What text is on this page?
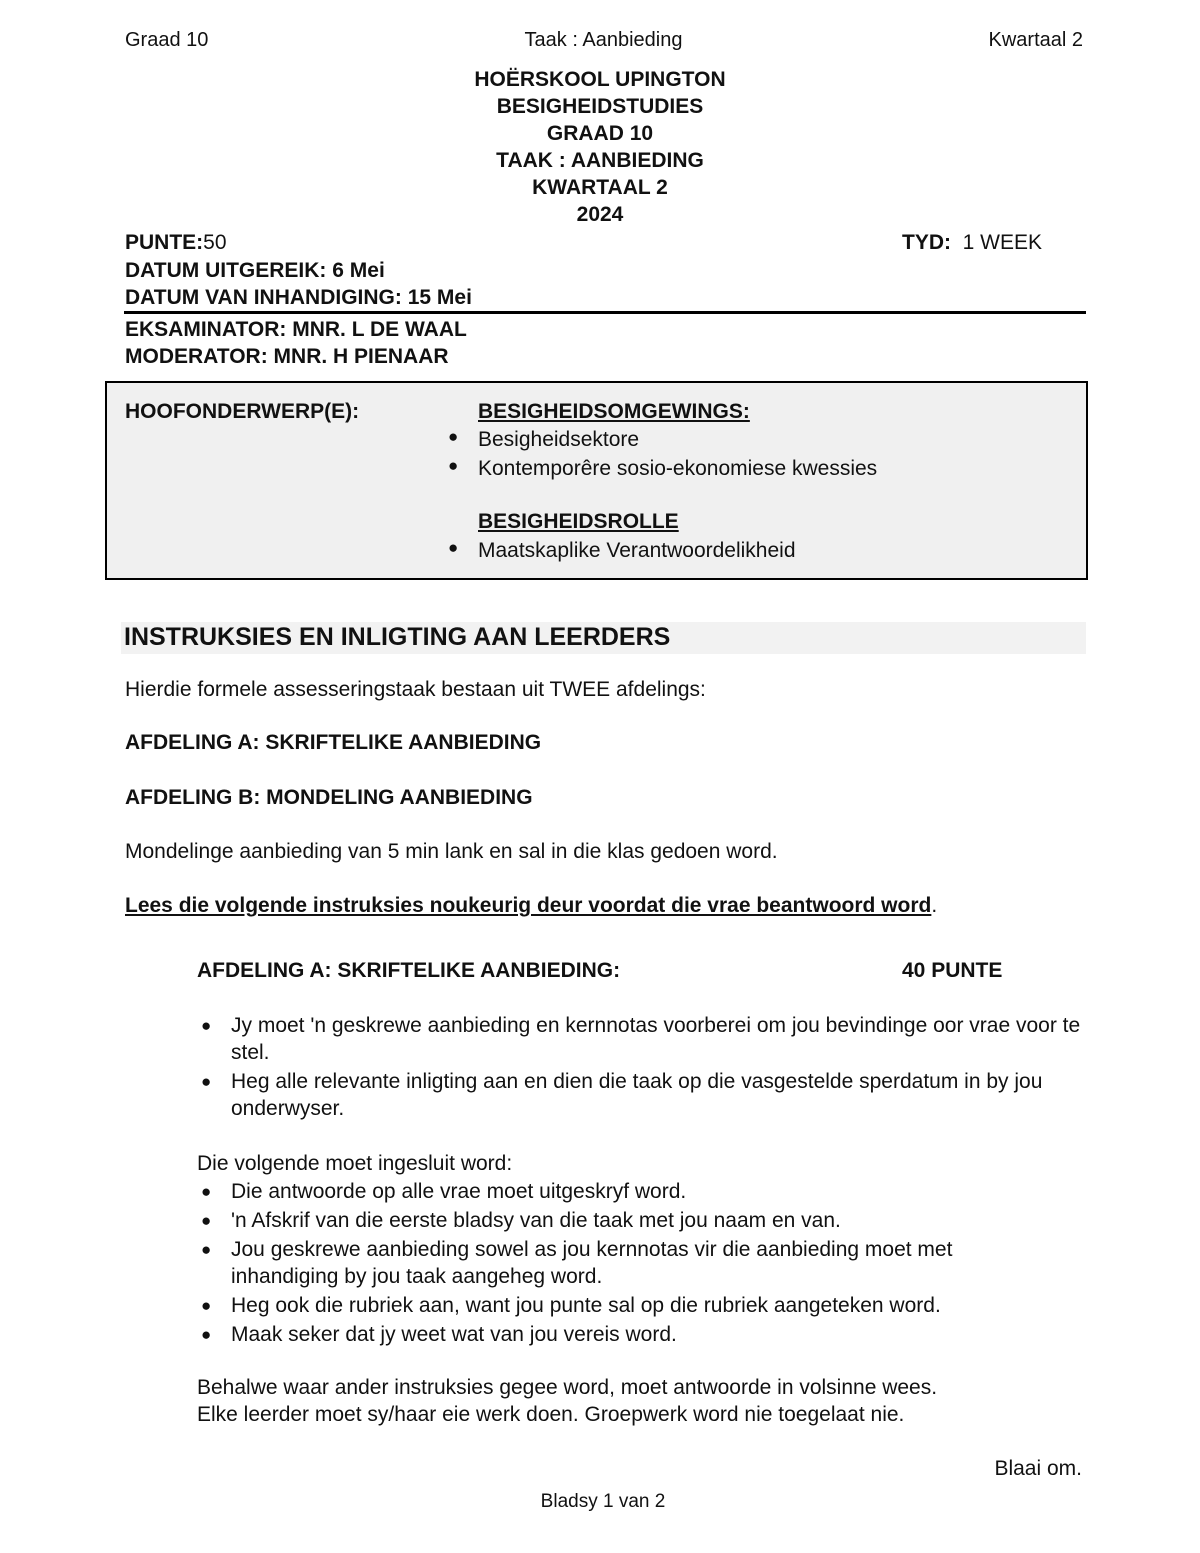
Graad 10	Taak : Aanbieding	Kwartaal 2
HOËRSKOOL UPINGTON
BESIGHEIDSTUDIES
GRAAD 10
TAAK : AANBIEDING
KWARTAAL 2
2024
PUNTE:50	TYD: 1 WEEK
DATUM UITGEREIK: 6 Mei
DATUM VAN INHANDIGING: 15 Mei
EKSAMINATOR: MNR. L DE WAAL
MODERATOR: MNR. H PIENAAR
HOOFONDERWERP(E):	BESIGHEIDSOMGEWINGS:
● Besigheidsektore
● Kontemporêre sosio-ekonomiese kwessies
BESIGHEIDSROLLE
● Maatskaplike Verantwoordelikheid
INSTRUKSIES EN INLIGTING AAN LEERDERS
Hierdie formele assesseringstaak bestaan uit TWEE afdelings:
AFDELING A: SKRIFTELIKE AANBIEDING
AFDELING B: MONDELING AANBIEDING
Mondelinge aanbieding van 5 min lank en sal in die klas gedoen word.
Lees die volgende instruksies noukeurig deur voordat die vrae beantwoord word.
AFDELING A: SKRIFTELIKE AANBIEDING:	40 PUNTE
● Jy moet 'n geskrewe aanbieding en kernnotas voorberei om jou bevindinge oor vrae voor te stel.
● Heg alle relevante inligting aan en dien die taak op die vasgestelde sperdatum in by jou onderwyser.
Die volgende moet ingesluit word:
● Die antwoorde op alle vrae moet uitgeskryf word.
● 'n Afskrif van die eerste bladsy van die taak met jou naam en van.
● Jou geskrewe aanbieding sowel as jou kernnotas vir die aanbieding moet met inhandiging by jou taak aangeheg word.
● Heg ook die rubriek aan, want jou punte sal op die rubriek aangeteken word.
● Maak seker dat jy weet wat van jou vereis word.
Behalwe waar ander instruksies gegee word, moet antwoorde in volsinne wees.
Elke leerder moet sy/haar eie werk doen. Groepwerk word nie toegelaat nie.
Blaai om.
Bladsy 1 van 2
